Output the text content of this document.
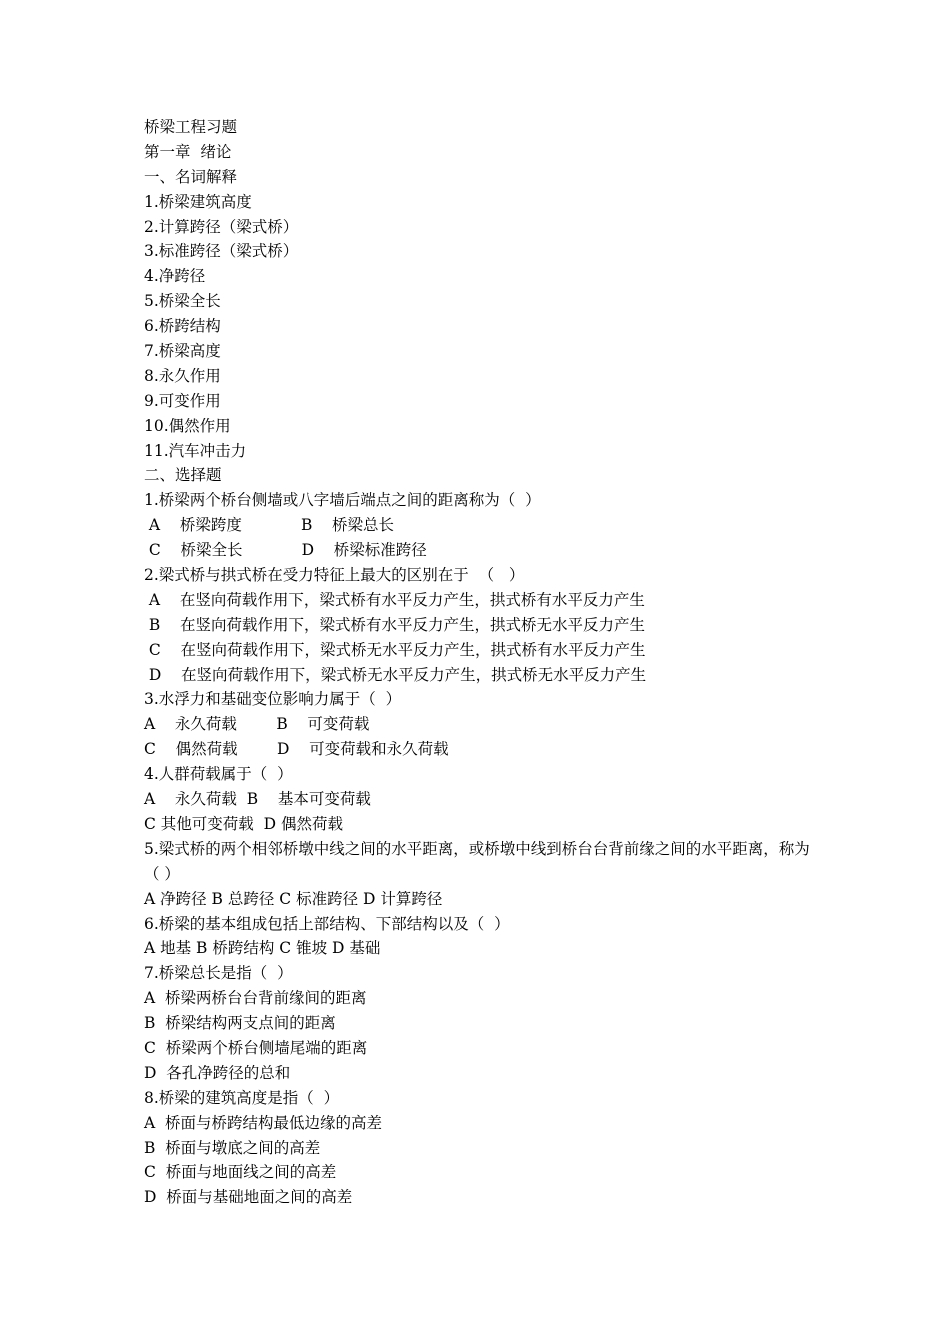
桥梁工程习题
第一章  绪论
一、名词解释
1.桥梁建筑高度
2.计算跨径（梁式桥）
3.标准跨径（梁式桥）
4.净跨径
5.桥梁全长
6.桥跨结构
7.桥梁高度
8.永久作用
9.可变作用
10.偶然作用
11.汽车冲击力
二、选择题
1.桥梁两个桥台侧墙或八字墙后端点之间的距离称为（  ）
A    桥梁跨度            B    桥梁总长
C    桥梁全长            D    桥梁标准跨径
2.梁式桥与拱式桥在受力特征上最大的区别在于  （   ）
A    在竖向荷载作用下，梁式桥有水平反力产生，拱式桥有水平反力产生
B    在竖向荷载作用下，梁式桥有水平反力产生，拱式桥无水平反力产生
C    在竖向荷载作用下，梁式桥无水平反力产生，拱式桥有水平反力产生
D    在竖向荷载作用下，梁式桥无水平反力产生，拱式桥无水平反力产生
3.水浮力和基础变位影响力属于（  ）
A    永久荷载        B    可变荷载
C    偶然荷载        D    可变荷载和永久荷载
4.人群荷载属于（  ）
A    永久荷载  B    基本可变荷载
C 其他可变荷载  D 偶然荷载
5.梁式桥的两个相邻桥墩中线之间的水平距离，或桥墩中线到桥台台背前缘之间的水平距离，称为 （ ）
A 净跨径 B 总跨径 C 标准跨径 D 计算跨径
6.桥梁的基本组成包括上部结构、下部结构以及（  ）
A 地基 B 桥跨结构 C 锥坡 D 基础
7.桥梁总长是指（  ）
A  桥梁两桥台台背前缘间的距离
B  桥梁结构两支点间的距离
C  桥梁两个桥台侧墙尾端的距离
D  各孔净跨径的总和
8.桥梁的建筑高度是指（  ）
A  桥面与桥跨结构最低边缘的高差
B  桥面与墩底之间的高差
C  桥面与地面线之间的高差
D  桥面与基础地面之间的高差
